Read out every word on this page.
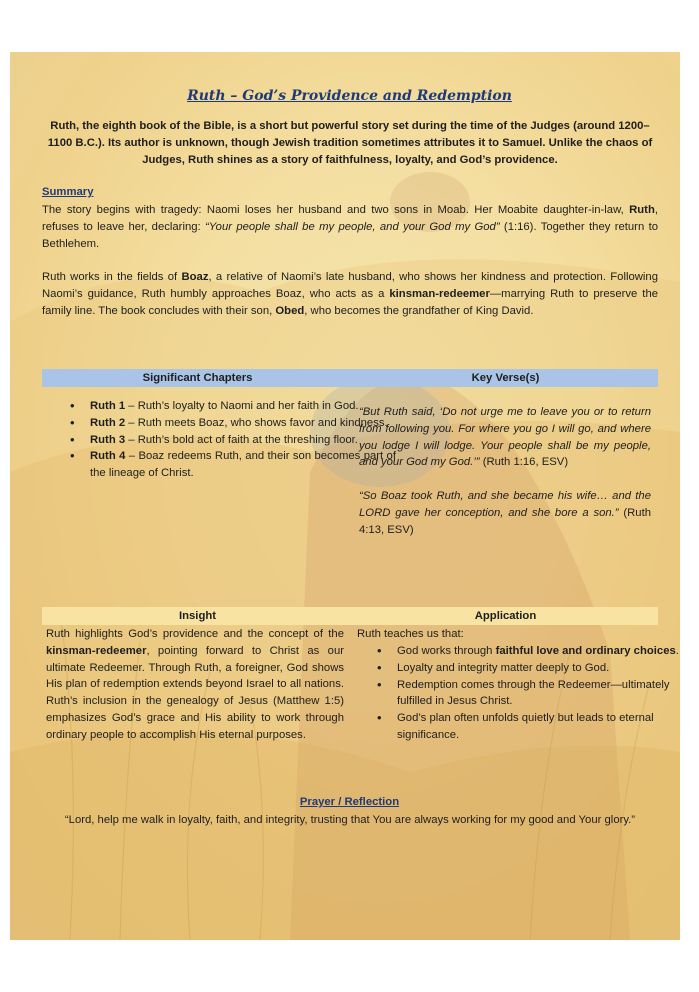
Ruth – God’s Providence and Redemption
Ruth, the eighth book of the Bible, is a short but powerful story set during the time of the Judges (around 1200–1100 B.C.). Its author is unknown, though Jewish tradition sometimes attributes it to Samuel. Unlike the chaos of Judges, Ruth shines as a story of faithfulness, loyalty, and God’s providence.
Summary
The story begins with tragedy: Naomi loses her husband and two sons in Moab. Her Moabite daughter-in-law, Ruth, refuses to leave her, declaring: “Your people shall be my people, and your God my God” (1:16). Together they return to Bethlehem.
Ruth works in the fields of Boaz, a relative of Naomi’s late husband, who shows her kindness and protection. Following Naomi’s guidance, Ruth humbly approaches Boaz, who acts as a kinsman-redeemer—marrying Ruth to preserve the family line. The book concludes with their son, Obed, who becomes the grandfather of King David.
Significant Chapters	Key Verse(s)
• Ruth 1 – Ruth’s loyalty to Naomi and her faith in God.
• Ruth 2 – Ruth meets Boaz, who shows favor and kindness.
• Ruth 3 – Ruth’s bold act of faith at the threshing floor.
• Ruth 4 – Boaz redeems Ruth, and their son becomes part of the lineage of Christ.
“But Ruth said, ‘Do not urge me to leave you or to return from following you. For where you go I will go, and where you lodge I will lodge. Your people shall be my people, and your God my God.’” (Ruth 1:16, ESV)
“So Boaz took Ruth, and she became his wife… and the LORD gave her conception, and she bore a son.” (Ruth 4:13, ESV)
Insight	Application
Ruth highlights God’s providence and the concept of the kinsman-redeemer, pointing forward to Christ as our ultimate Redeemer. Through Ruth, a foreigner, God shows His plan of redemption extends beyond Israel to all nations. Ruth’s inclusion in the genealogy of Jesus (Matthew 1:5) emphasizes God’s grace and His ability to work through ordinary people to accomplish His eternal purposes.
Ruth teaches us that:
• God works through faithful love and ordinary choices.
• Loyalty and integrity matter deeply to God.
• Redemption comes through the Redeemer—ultimately fulfilled in Jesus Christ.
• God’s plan often unfolds quietly but leads to eternal significance.
Prayer / Reflection
“Lord, help me walk in loyalty, faith, and integrity, trusting that You are always working for my good and Your glory.”
